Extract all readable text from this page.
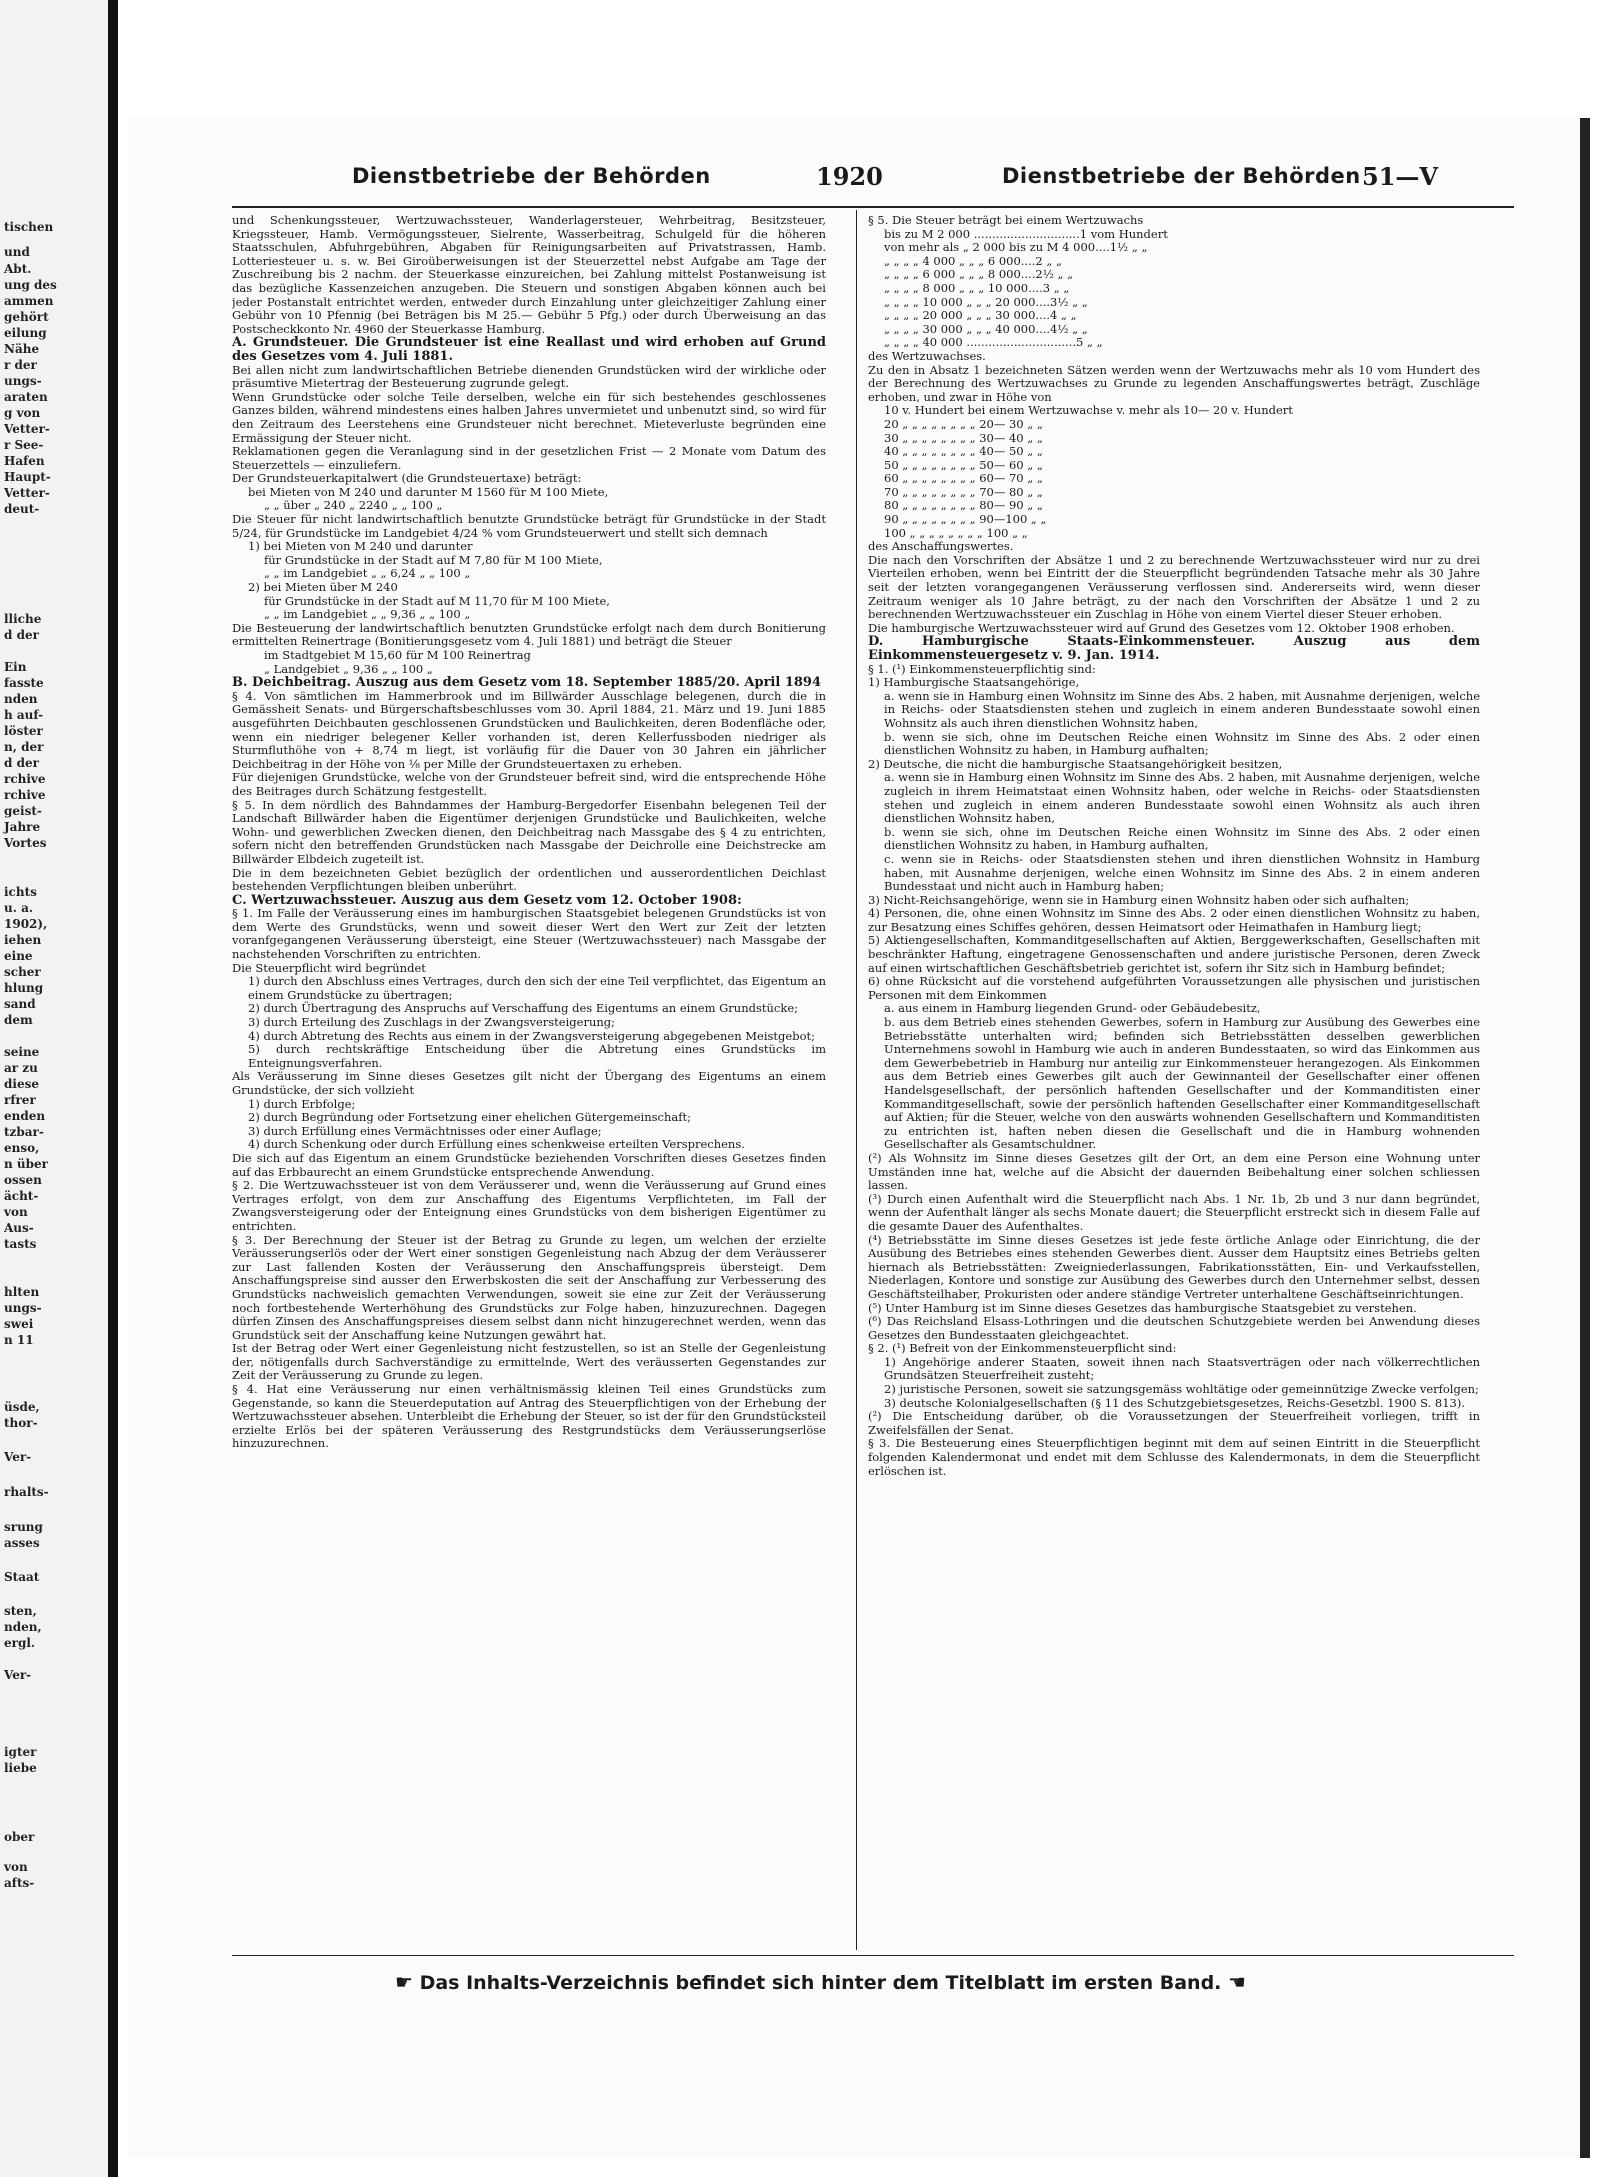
tischen
und
Abt.
ung des
ammen
gehört
eilung
Nähe
r der
ungs-
araten
g von
Vetter-
r See-
Hafen
Haupt-
Vetter-
deut-
lliche
d der
Ein
fasste
nden
h auf-
löster
n, der
d der
rchive
rchive
geist-
Jahre
Vortes
ichts
u. a.
1902),
iehen
eine
scher
hlung
sand
dem
seine
ar zu
diese
rfrer
enden
tzbar-
enso,
n über
ossen
ächt-
von
Aus-
tasts
hlten
ungs-
swei
n 11
üsde,
thor-
Ver-
rhalts-
srung
asses
Staat
sten,
nden,
ergl.
Ver-
igter
liebe
ober
von
afts-
Dienstbetriebe der Behörden	1920	Dienstbetriebe der Behörden 51—V

und Schenkungssteuer, Wertzuwachssteuer, Wanderlagersteuer, Wehrbeitrag, Besitzsteuer, Kriegssteuer, Hamb. Vermögungssteuer, Sielrente, Wasserbeitrag, Schulgeld für die höheren Staatsschulen, Abfuhrgebühren, Abgaben für Reinigungsarbeiten auf Privatstrassen, Hamb. Lotteriesteuer u. s. w. Bei Giroüberweisungen ist der Steuerzettel nebst Aufgabe am Tage der Zuschreibung bis 2 nachm. der Steuerkasse einzureichen, bei Zahlung mittelst Postanweisung ist das bezügliche Kassenzeichen anzugeben. Die Steuern und sonstigen Abgaben können auch bei jeder Postanstalt entrichtet werden, entweder durch Einzahlung unter gleichzeitiger Zahlung einer Gebühr von 10 Pfennig (bei Beträgen bis M 25.— Gebühr 5 Pfg.) oder durch Überweisung an das Postscheckkonto Nr. 4960 der Steuerkasse Hamburg.

A. Grundsteuer. Die Grundsteuer ist eine Reallast und wird erhoben auf Grund des Gesetzes vom 4. Juli 1881.

Bei allen nicht zum landwirtschaftlichen Betriebe dienenden Grundstücken wird der wirkliche oder präsumtive Mietertrag der Besteuerung zugrunde gelegt.

Wenn Grundstücke oder solche Teile derselben, welche ein für sich bestehendes geschlossenes Ganzes bilden, während mindestens eines halben Jahres unvermietet und unbenutzt sind, so wird für den Zeitraum des Leerstehens eine Grundsteuer nicht berechnet. Mieteverluste begründen eine Ermässigung der Steuer nicht.

Reklamationen gegen die Veranlagung sind in der gesetzlichen Frist — 2 Monate vom Datum des Steuerzettels — einzuliefern.

Der Grundsteuerkapitalwert (die Grundsteuertaxe) beträgt:

bei Mieten von M 240 und darunter M 1560 für M 100 Miete,

„ „ über „ 240 „ 2240 „ „ 100 „

Die Steuer für nicht landwirtschaftlich benutzte Grundstücke beträgt für Grundstücke in der Stadt 5/24, für Grundstücke im Landgebiet 4/24 % vom Grundsteuerwert und stellt sich demnach

1) bei Mieten von M 240 und darunter

für Grundstücke in der Stadt auf M 7,80 für M 100 Miete,

„ „ im Landgebiet „ „ 6,24 „ „ 100 „

2) bei Mieten über M 240

für Grundstücke in der Stadt auf M 11,70 für M 100 Miete,

„ „ im Landgebiet „ „ 9,36 „ „ 100 „

Die Besteuerung der landwirtschaftlich benutzten Grundstücke erfolgt nach dem durch Bonitierung ermittelten Reinertrage (Bonitierungsgesetz vom 4. Juli 1881) und beträgt die Steuer

im Stadtgebiet M 15,60 für M 100 Reinertrag

„ Landgebiet „ 9,36 „ „ 100 „

B. Deichbeitrag. Auszug aus dem Gesetz vom 18. September 1885/20. April 1894

§ 4. Von sämtlichen im Hammerbrook und im Billwärder Ausschlage belegenen, durch die in Gemässheit Senats- und Bürgerschaftsbeschlusses vom 30. April 1884, 21. März und 19. Juni 1885 ausgeführten Deichbauten geschlossenen Grundstücken und Baulichkeiten, deren Bodenfläche oder, wenn ein niedriger belegener Keller vorhanden ist, deren Kellerfussboden niedriger als Sturmfluthöhe von + 8,74 m liegt, ist vorläufig für die Dauer von 30 Jahren ein jährlicher Deichbeitrag in der Höhe von ⅛ per Mille der Grundsteuertaxen zu erheben.

Für diejenigen Grundstücke, welche von der Grundsteuer befreit sind, wird die entsprechende Höhe des Beitrages durch Schätzung festgestellt.

§ 5. In dem nördlich des Bahndammes der Hamburg-Bergedorfer Eisenbahn belegenen Teil der Landschaft Billwärder haben die Eigentümer derjenigen Grundstücke und Baulichkeiten, welche Wohn- und gewerblichen Zwecken dienen, den Deichbeitrag nach Massgabe des § 4 zu entrichten, sofern nicht den betreffenden Grundstücken nach Massgabe der Deichrolle eine Deichstrecke am Billwärder Elbdeich zugeteilt ist.

Die in dem bezeichneten Gebiet bezüglich der ordentlichen und ausserordentlichen Deichlast bestehenden Verpflichtungen bleiben unberührt.

C. Wertzuwachssteuer. Auszug aus dem Gesetz vom 12. October 1908:

§ 1. Im Falle der Veräusserung eines im hamburgischen Staatsgebiet belegenen Grundstücks ist von dem Werte des Grundstücks, wenn und soweit dieser Wert den Wert zur Zeit der letzten voranfgegangenen Veräusserung übersteigt, eine Steuer (Wertzuwachssteuer) nach Massgabe der nachstehenden Vorschriften zu entrichten.

Die Steuerpflicht wird begründet

1) durch den Abschluss eines Vertrages, durch den sich der eine Teil verpflichtet, das Eigentum an einem Grundstücke zu übertragen;

2) durch Übertragung des Anspruchs auf Verschaffung des Eigentums an einem Grundstücke;

3) durch Erteilung des Zuschlags in der Zwangsversteigerung;

4) durch Abtretung des Rechts aus einem in der Zwangsversteigerung abgegebenen Meistgebot;

5) durch rechtskräftige Entscheidung über die Abtretung eines Grundstücks im Enteignungsverfahren.

Als Veräusserung im Sinne dieses Gesetzes gilt nicht der Übergang des Eigentums an einem Grundstücke, der sich vollzieht

1) durch Erbfolge;

2) durch Begründung oder Fortsetzung einer ehelichen Gütergemeinschaft;

3) durch Erfüllung eines Vermächtnisses oder einer Auflage;

4) durch Schenkung oder durch Erfüllung eines schenkweise erteilten Versprechens.

Die sich auf das Eigentum an einem Grundstücke beziehenden Vorschriften dieses Gesetzes finden auf das Erbbaurecht an einem Grundstücke entsprechende Anwendung.

§ 2. Die Wertzuwachssteuer ist von dem Veräusserer und, wenn die Veräusserung auf Grund eines Vertrages erfolgt, von dem zur Anschaffung des Eigentums Verpflichteten, im Fall der Zwangsversteigerung oder der Enteignung eines Grundstücks von dem bisherigen Eigentümer zu entrichten.

§ 3. Der Berechnung der Steuer ist der Betrag zu Grunde zu legen, um welchen der erzielte Veräusserungserlös oder der Wert einer sonstigen Gegenleistung nach Abzug der dem Veräusserer zur Last fallenden Kosten der Veräusserung den Anschaffungspreis übersteigt. Dem Anschaffungspreise sind ausser den Erwerbskosten die seit der Anschaffung zur Verbesserung des Grundstücks nachweislich gemachten Verwendungen, soweit sie eine zur Zeit der Veräusserung noch fortbestehende Werterhöhung des Grundstücks zur Folge haben, hinzuzurechnen. Dagegen dürfen Zinsen des Anschaffungspreises diesem selbst dann nicht hinzugerechnet werden, wenn das Grundstück seit der Anschaffung keine Nutzungen gewährt hat.

Ist der Betrag oder Wert einer Gegenleistung nicht festzustellen, so ist an Stelle der Gegenleistung der, nötigenfalls durch Sachverständige zu ermittelnde, Wert des veräusserten Gegenstandes zur Zeit der Veräusserung zu Grunde zu legen.

§ 4. Hat eine Veräusserung nur einen verhältnismässig kleinen Teil eines Grundstücks zum Gegenstande, so kann die Steuerdeputation auf Antrag des Steuerpflichtigen von der Erhebung der Wertzuwachssteuer absehen. Unterbleibt die Erhebung der Steuer, so ist der für den Grundstücksteil erzielte Erlös bei der späteren Veräusserung des Restgrundstücks dem Veräusserungserlöse hinzuzurechnen.

§ 5. Die Steuer beträgt bei einem Wertzuwachs

bis zu M 2 000 .............................1 vom Hundert

von mehr als „ 2 000 bis zu M 4 000....1½ „ „

„ „ „ „ 4 000 „ „ „ 6 000....2 „ „

„ „ „ „ 6 000 „ „ „ 8 000....2½ „ „

„ „ „ „ 8 000 „ „ „ 10 000....3 „ „

„ „ „ „ 10 000 „ „ „ 20 000....3½ „ „

„ „ „ „ 20 000 „ „ „ 30 000....4 „ „

„ „ „ „ 30 000 „ „ „ 40 000....4½ „ „

„ „ „ „ 40 000 ..............................5 „ „

des Wertzuwachses.

Zu den in Absatz 1 bezeichneten Sätzen werden wenn der Wertzuwachs mehr als 10 vom Hundert des der Berechnung des Wertzuwachses zu Grunde zu legenden Anschaffungswertes beträgt, Zuschläge erhoben, und zwar in Höhe von

10 v. Hundert bei einem Wertzuwachse v. mehr als 10— 20 v. Hundert

20 „ „ „ „ „ „ „ „ 20— 30 „ „

30 „ „ „ „ „ „ „ „ 30— 40 „ „

40 „ „ „ „ „ „ „ „ 40— 50 „ „

50 „ „ „ „ „ „ „ „ 50— 60 „ „

60 „ „ „ „ „ „ „ „ 60— 70 „ „

70 „ „ „ „ „ „ „ „ 70— 80 „ „

80 „ „ „ „ „ „ „ „ 80— 90 „ „

90 „ „ „ „ „ „ „ „ 90—100 „ „

100 „ „ „ „ „ „ „ „ 100 „ „

des Anschaffungswertes.

Die nach den Vorschriften der Absätze 1 und 2 zu berechnende Wertzuwachssteuer wird nur zu drei Vierteilen erhoben, wenn bei Eintritt der die Steuerpflicht begründenden Tatsache mehr als 30 Jahre seit der letzten vorangegangenen Veräusserung verflossen sind. Andererseits wird, wenn dieser Zeitraum weniger als 10 Jahre beträgt, zu der nach den Vorschriften der Absätze 1 und 2 zu berechnenden Wertzuwachssteuer ein Zuschlag in Höhe von einem Viertel dieser Steuer erhoben.

Die hamburgische Wertzuwachssteuer wird auf Grund des Gesetzes vom 12. Oktober 1908 erhoben.

D. Hamburgische Staats-Einkommensteuer. Auszug aus dem Einkommensteuergesetz v. 9. Jan. 1914.

§ 1. (¹) Einkommensteuerpflichtig sind:

1) Hamburgische Staatsangehörige,

a. wenn sie in Hamburg einen Wohnsitz im Sinne des Abs. 2 haben, mit Ausnahme derjenigen, welche in Reichs- oder Staatsdiensten stehen und zugleich in einem anderen Bundesstaate sowohl einen Wohnsitz als auch ihren dienstlichen Wohnsitz haben,

b. wenn sie sich, ohne im Deutschen Reiche einen Wohnsitz im Sinne des Abs. 2 oder einen dienstlichen Wohnsitz zu haben, in Hamburg aufhalten;

2) Deutsche, die nicht die hamburgische Staatsangehörigkeit besitzen,

a. wenn sie in Hamburg einen Wohnsitz im Sinne des Abs. 2 haben, mit Ausnahme derjenigen, welche zugleich in ihrem Heimatstaat einen Wohnsitz haben, oder welche in Reichs- oder Staatsdiensten stehen und zugleich in einem anderen Bundesstaate sowohl einen Wohnsitz als auch ihren dienstlichen Wohnsitz haben,

b. wenn sie sich, ohne im Deutschen Reiche einen Wohnsitz im Sinne des Abs. 2 oder einen dienstlichen Wohnsitz zu haben, in Hamburg aufhalten,

c. wenn sie in Reichs- oder Staatsdiensten stehen und ihren dienstlichen Wohnsitz in Hamburg haben, mit Ausnahme derjenigen, welche einen Wohnsitz im Sinne des Abs. 2 in einem anderen Bundesstaat und nicht auch in Hamburg haben;

3) Nicht-Reichsangehörige, wenn sie in Hamburg einen Wohnsitz haben oder sich aufhalten;

4) Personen, die, ohne einen Wohnsitz im Sinne des Abs. 2 oder einen dienstlichen Wohnsitz zu haben, zur Besatzung eines Schiffes gehören, dessen Heimatsort oder Heimathafen in Hamburg liegt;

5) Aktiengesellschaften, Kommanditgesellschaften auf Aktien, Berggewerkschaften, Gesellschaften mit beschränkter Haftung, eingetragene Genossenschaften und andere juristische Personen, deren Zweck auf einen wirtschaftlichen Geschäftsbetrieb gerichtet ist, sofern ihr Sitz sich in Hamburg befindet;

6) ohne Rücksicht auf die vorstehend aufgeführten Voraussetzungen alle physischen und juristischen Personen mit dem Einkommen

a. aus einem in Hamburg liegenden Grund- oder Gebäudebesitz,

b. aus dem Betrieb eines stehenden Gewerbes, sofern in Hamburg zur Ausübung des Gewerbes eine Betriebsstätte unterhalten wird; befinden sich Betriebsstätten desselben gewerblichen Unternehmens sowohl in Hamburg wie auch in anderen Bundesstaaten, so wird das Einkommen aus dem Gewerbebetrieb in Hamburg nur anteilig zur Einkommensteuer herangezogen. Als Einkommen aus dem Betrieb eines Gewerbes gilt auch der Gewinnanteil der Gesellschafter einer offenen Handelsgesellschaft, der persönlich haftenden Gesellschafter und der Kommanditisten einer Kommanditgesellschaft, sowie der persönlich haftenden Gesellschafter einer Kommanditgesellschaft auf Aktien; für die Steuer, welche von den auswärts wohnenden Gesellschaftern und Kommanditisten zu entrichten ist, haften neben diesen die Gesellschaft und die in Hamburg wohnenden Gesellschafter als Gesamtschuldner.

(²) Als Wohnsitz im Sinne dieses Gesetzes gilt der Ort, an dem eine Person eine Wohnung unter Umständen inne hat, welche auf die Absicht der dauernden Beibehaltung einer solchen schliessen lassen.

(³) Durch einen Aufenthalt wird die Steuerpflicht nach Abs. 1 Nr. 1b, 2b und 3 nur dann begründet, wenn der Aufenthalt länger als sechs Monate dauert; die Steuerpflicht erstreckt sich in diesem Falle auf die gesamte Dauer des Aufenthaltes.

(⁴) Betriebsstätte im Sinne dieses Gesetzes ist jede feste örtliche Anlage oder Einrichtung, die der Ausübung des Betriebes eines stehenden Gewerbes dient. Ausser dem Hauptsitz eines Betriebs gelten hiernach als Betriebsstätten: Zweigniederlassungen, Fabrikationsstätten, Ein- und Verkaufsstellen, Niederlagen, Kontore und sonstige zur Ausübung des Gewerbes durch den Unternehmer selbst, dessen Geschäftsteilhaber, Prokuristen oder andere ständige Vertreter unterhaltene Geschäftseinrichtungen.

(⁵) Unter Hamburg ist im Sinne dieses Gesetzes das hamburgische Staatsgebiet zu verstehen.

(⁶) Das Reichsland Elsass-Lothringen und die deutschen Schutzgebiete werden bei Anwendung dieses Gesetzes den Bundesstaaten gleichgeachtet.

§ 2. (¹) Befreit von der Einkommensteuerpflicht sind:

1) Angehörige anderer Staaten, soweit ihnen nach Staatsverträgen oder nach völkerrechtlichen Grundsätzen Steuerfreiheit zusteht;

2) juristische Personen, soweit sie satzungsgemäss wohltätige oder gemeinnützige Zwecke verfolgen;

3) deutsche Kolonialgesellschaften (§ 11 des Schutzgebietsgesetzes, Reichs-Gesetzbl. 1900 S. 813).

(²) Die Entscheidung darüber, ob die Voraussetzungen der Steuerfreiheit vorliegen, trifft in Zweifelsfällen der Senat.

§ 3. Die Besteuerung eines Steuerpflichtigen beginnt mit dem auf seinen Eintritt in die Steuerpflicht folgenden Kalendermonat und endet mit dem Schlusse des Kalendermonats, in dem die Steuerpflicht erlöschen ist.

☛ Das Inhalts-Verzeichnis befindet sich hinter dem Titelblatt im ersten Band. ☚
